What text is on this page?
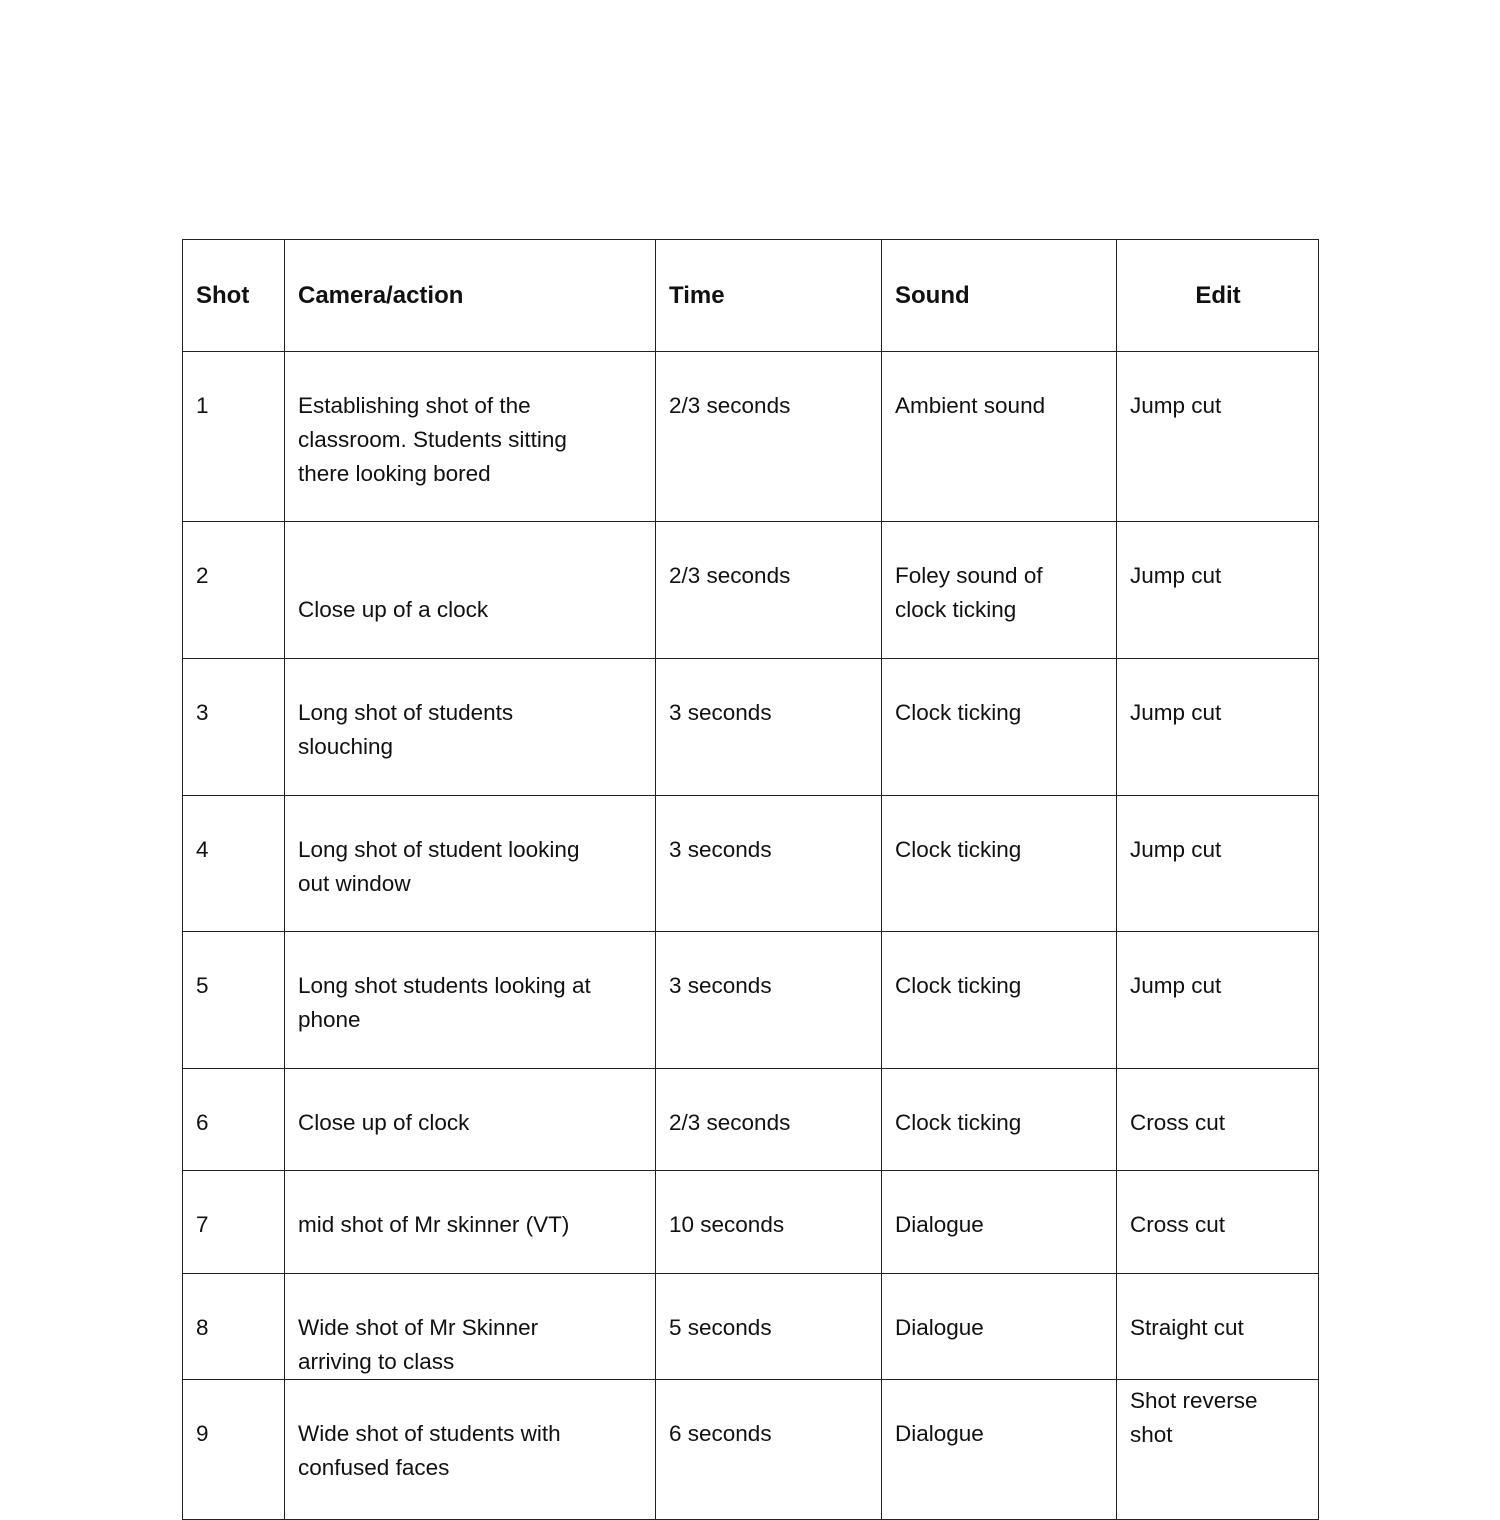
Shot	Camera/action	Time	Sound	Edit
1	Establishing shot of the
classroom. Students sitting
there looking bored	2/3 seconds	Ambient sound	Jump cut
2	Close up of a clock	2/3 seconds	Foley sound of
clock ticking	Jump cut
3	Long shot of students
slouching	3 seconds	Clock ticking	Jump cut
4	Long shot of student looking
out window	3 seconds	Clock ticking	Jump cut
5	Long shot students looking at
phone	3 seconds	Clock ticking	Jump cut
6	Close up of clock	2/3 seconds	Clock ticking	Cross cut
7	mid shot of Mr skinner (VT)	10 seconds	Dialogue	Cross cut
8	Wide shot of Mr Skinner
arriving to class	5 seconds	Dialogue	Straight cut
9	Wide shot of students with
confused faces	6 seconds	Dialogue	Shot reverse
shot
